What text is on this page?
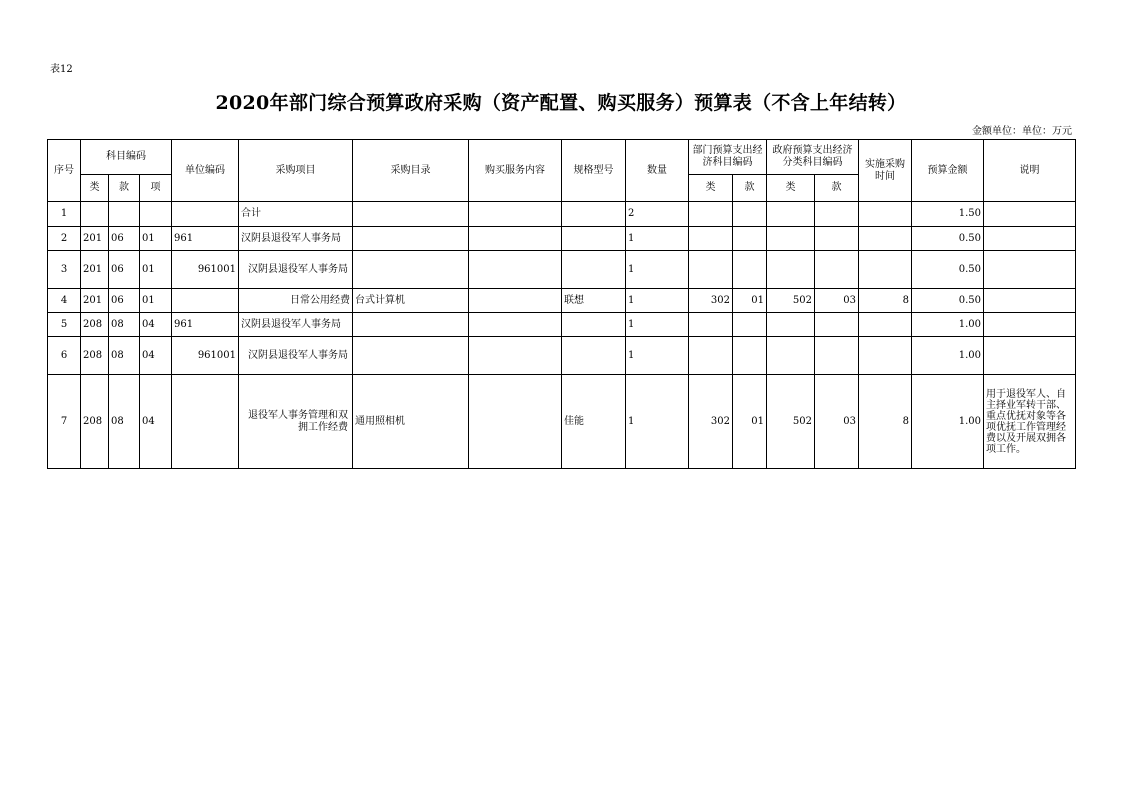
表12
2020年部门综合预算政府采购（资产配置、购买服务）预算表（不含上年结转）
金额单位：单位：万元
序号	科目编码			单位编码	采购项目	采购目录	购买服务内容	规格型号	数量	部门预算支出经济科目编码		政府预算支出经济分类科目编码		实施采购时间	预算金额	说明
	类	款	项							类	款	类	款			
1					合计				2						1.50	
2	201	06	01	961	汉阴县退役军人事务局				1						0.50	
3	201	06	01	961001	汉阴县退役军人事务局				1						0.50	
4	201	06	01		日常公用经费	台式计算机		联想	1	302	01	502	03	8	0.50	
5	208	08	04	961	汉阴县退役军人事务局				1						1.00	
6	208	08	04	961001	汉阴县退役军人事务局				1						1.00	
7	208	08	04		退役军人事务管理和双拥工作经费	通用照相机		佳能	1	302	01	502	03	8	1.00	用于退役军人、自主择业军转干部、重点优抚对象等各项优抚工作管理经费以及开展双拥各项工作。
